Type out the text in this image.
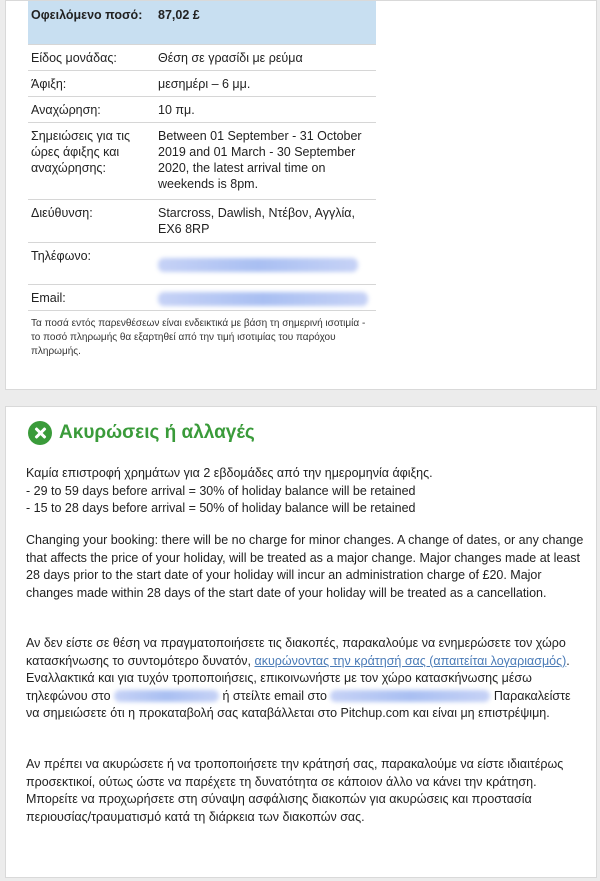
Οφειλόμενο ποσό:	87,02 £
Είδος μονάδας:	Θέση σε γρασίδι με ρεύμα
Άφιξη:	μεσημέρι – 6 μμ.
Αναχώρηση:	10 πμ.
Σημειώσεις για τις ώρες άφιξης και αναχώρησης:
Between 01 September - 31 October 2019 and 01 March - 30 September 2020, the latest arrival time on weekends is 8pm.
Διεύθυνση:	Starcross, Dawlish, Ντέβον, Αγγλία, EX6 8RP
Τηλέφωνο:
Email:
Τα ποσά εντός παρενθέσεων είναι ενδεικτικά με βάση τη σημερινή ισοτιμία - το ποσό πληρωμής θα εξαρτηθεί από την τιμή ισοτιμίας του παρόχου πληρωμής.
Ακυρώσεις ή αλλαγές
Καμία επιστροφή χρημάτων για 2 εβδομάδες από την ημερομηνία άφιξης.
- 29 to 59 days before arrival = 30% of holiday balance will be retained
- 15 to 28 days before arrival = 50% of holiday balance will be retained
Changing your booking: there will be no charge for minor changes. A change of dates, or any change that affects the price of your holiday, will be treated as a major change. Major changes made at least 28 days prior to the start date of your holiday will incur an administration charge of £20. Major changes made within 28 days of the start date of your holiday will be treated as a cancellation.
Αν δεν είστε σε θέση να πραγματοποιήσετε τις διακοπές, παρακαλούμε να ενημερώσετε τον χώρο κατασκήνωσης το συντομότερο δυνατόν, ακυρώνοντας την κράτησή σας (απαιτείται λογαριασμός). Εναλλακτικά και για τυχόν τροποποιήσεις, επικοινωνήστε με τον χώρο κατασκήνωσης μέσω τηλεφώνου στο	ή στείλτε email στο	Παρακαλείστε να σημειώσετε ότι η προκαταβολή σας καταβάλλεται στο Pitchup.com και είναι μη επιστρέψιμη.
Αν πρέπει να ακυρώσετε ή να τροποποιήσετε την κράτησή σας, παρακαλούμε να είστε ιδιαιτέρως προσεκτικοί, ούτως ώστε να παρέχετε τη δυνατότητα σε κάποιον άλλο να κάνει την κράτηση. Μπορείτε να προχωρήσετε στη σύναψη ασφάλισης διακοπών για ακυρώσεις και προστασία περιουσίας/τραυματισμό κατά τη διάρκεια των διακοπών σας.
